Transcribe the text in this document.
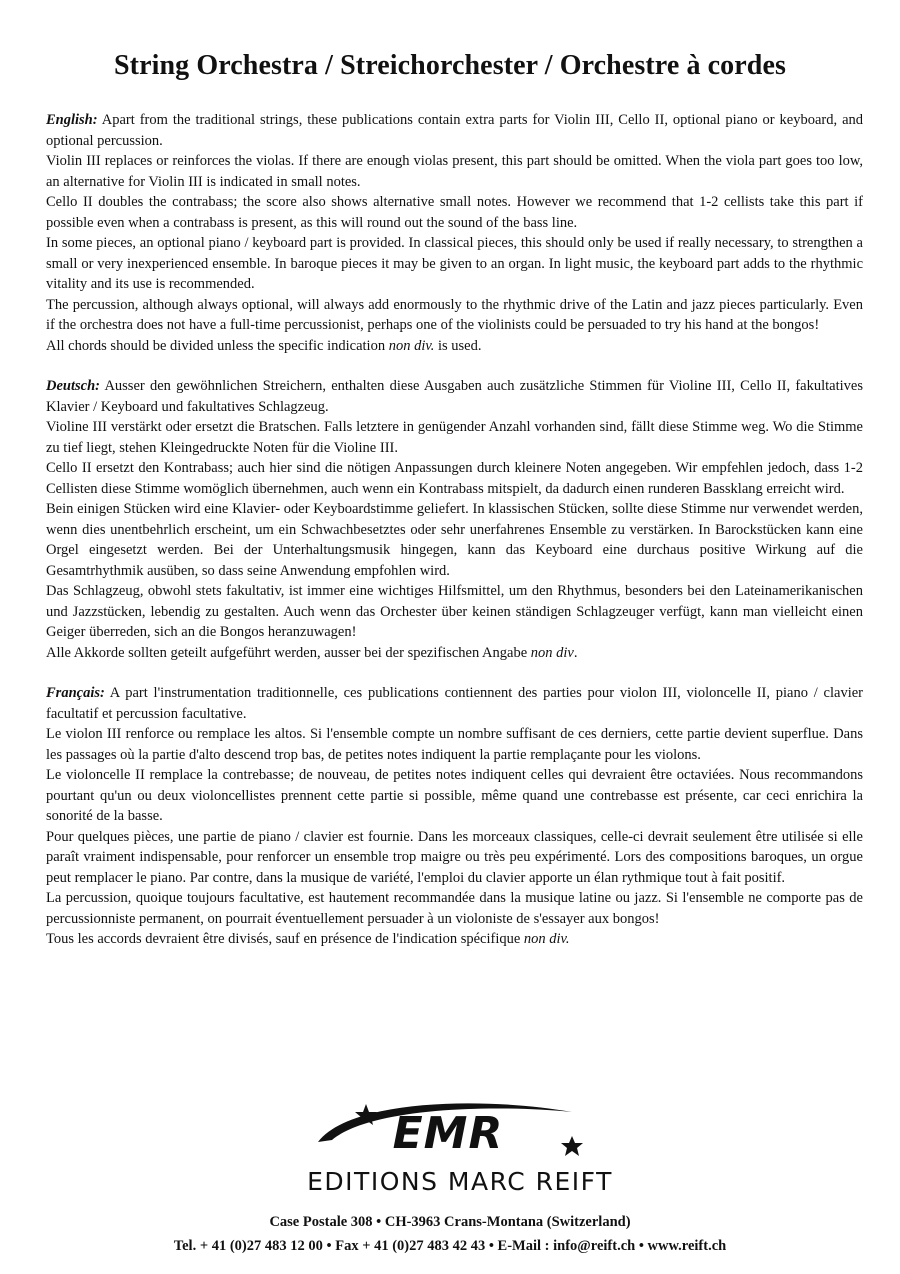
String Orchestra / Streichorchester / Orchestre à cordes

English: Apart from the traditional strings, these publications contain extra parts for Violin III, Cello II, optional piano or keyboard, and optional percussion.

Violin III replaces or reinforces the violas. If there are enough violas present, this part should be omitted. When the viola part goes too low, an alternative for Violin III is indicated in small notes.

Cello II doubles the contrabass; the score also shows alternative small notes. However we recommend that 1-2 cellists take this part if possible even when a contrabass is present, as this will round out the sound of the bass line.

In some pieces, an optional piano / keyboard part is provided. In classical pieces, this should only be used if really necessary, to strengthen a small or very inexperienced ensemble. In baroque pieces it may be given to an organ. In light music, the keyboard part adds to the rhythmic vitality and its use is recommended.

The percussion, although always optional, will always add enormously to the rhythmic drive of the Latin and jazz pieces particularly. Even if the orchestra does not have a full-time percussionist, perhaps one of the violinists could be persuaded to try his hand at the bongos!

All chords should be divided unless the specific indication non div. is used.

Deutsch: Ausser den gewöhnlichen Streichern, enthalten diese Ausgaben auch zusätzliche Stimmen für Violine III, Cello II, fakultatives Klavier / Keyboard und fakultatives Schlagzeug.

Violine III verstärkt oder ersetzt die Bratschen. Falls letztere in genügender Anzahl vorhanden sind, fällt diese Stimme weg. Wo die Stimme zu tief liegt, stehen Kleingedruckte Noten für die Violine III.

Cello II ersetzt den Kontrabass; auch hier sind die nötigen Anpassungen durch kleinere Noten angegeben. Wir empfehlen jedoch, dass 1-2 Cellisten diese Stimme womöglich übernehmen, auch wenn ein Kontrabass mitspielt, da dadurch einen runderen Bassklang erreicht wird.

Bein einigen Stücken wird eine Klavier- oder Keyboardstimme geliefert. In klassischen Stücken, sollte diese Stimme nur verwendet werden, wenn dies unentbehrlich erscheint, um ein Schwachbesetztes oder sehr unerfahrenes Ensemble zu verstärken. In Barockstücken kann eine Orgel eingesetzt werden. Bei der Unterhaltungsmusik hingegen, kann das Keyboard eine durchaus positive Wirkung auf die Gesamtrhythmik ausüben, so dass seine Anwendung empfohlen wird.

Das Schlagzeug, obwohl stets fakultativ, ist immer eine wichtiges Hilfsmittel, um den Rhythmus, besonders bei den Lateinamerikanischen und Jazzstücken, lebendig zu gestalten. Auch wenn das Orchester über keinen ständigen Schlagzeuger verfügt, kann man vielleicht einen Geiger überreden, sich an die Bongos heranzuwagen!

Alle Akkorde sollten geteilt aufgeführt werden, ausser bei der spezifischen Angabe non div.

Français: A part l'instrumentation traditionnelle, ces publications contiennent des parties pour violon III, violoncelle II, piano / clavier facultatif et percussion facultative.

Le violon III renforce ou remplace les altos. Si l'ensemble compte un nombre suffisant de ces derniers, cette partie devient superflue. Dans les passages où la partie d'alto descend trop bas, de petites notes indiquent la partie remplaçante pour les violons.

Le violoncelle II remplace la contrebasse; de nouveau, de petites notes indiquent celles qui devraient être octaviées. Nous recommandons pourtant qu'un ou deux violoncellistes prennent cette partie si possible, même quand une contrebasse est présente, car ceci enrichira la sonorité de la basse.

Pour quelques pièces, une partie de piano / clavier est fournie. Dans les morceaux classiques, celle-ci devrait seulement être utilisée si elle paraît vraiment indispensable, pour renforcer un ensemble trop maigre ou très peu expérimenté. Lors des compositions baroques, un orgue peut remplacer le piano. Par contre, dans la musique de variété, l'emploi du clavier apporte un élan rythmique tout à fait positif.

La percussion, quoique toujours facultative, est hautement recommandée dans la musique latine ou jazz. Si l'ensemble ne comporte pas de percussionniste permanent, on pourrait éventuellement persuader à un violoniste de s'essayer aux bongos!

Tous les accords devraient être divisés, sauf en présence de l'indication spécifique non div.

EMR
EDITIONS MARC REIFT
Case Postale 308 • CH-3963 Crans-Montana (Switzerland)
Tel. + 41 (0)27 483 12 00 • Fax + 41 (0)27 483 42 43 • E-Mail : info@reift.ch • www.reift.ch
